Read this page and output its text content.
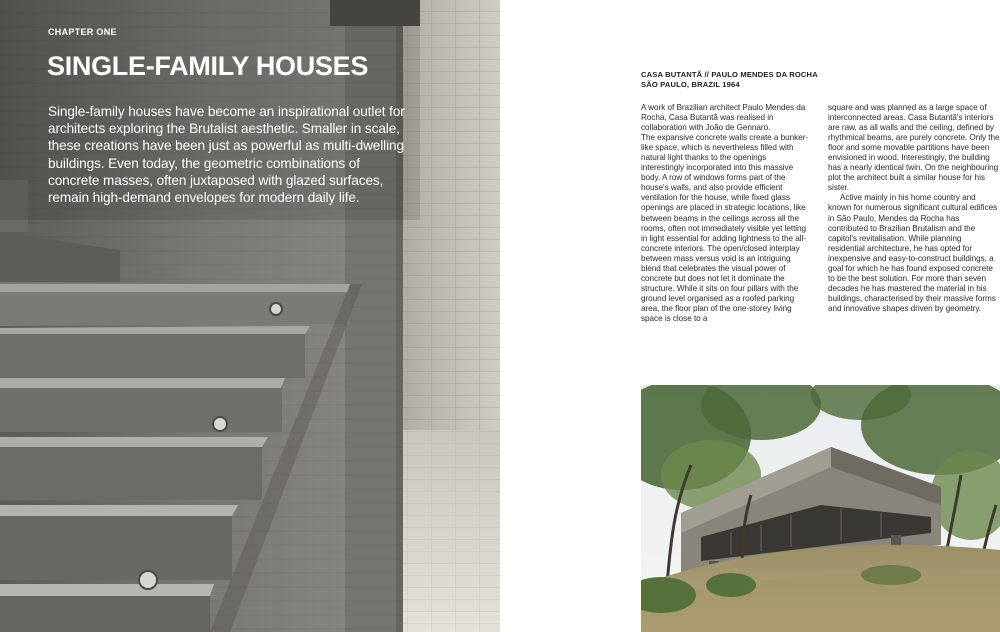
CHAPTER ONE
SINGLE-FAMILY HOUSES

Single-family houses have become an inspirational outlet for architects exploring the Brutalist aesthetic. Smaller in scale, these creations have been just as powerful as multi-dwelling buildings. Even today, the geometric combinations of concrete masses, often juxtaposed with glazed surfaces, remain high-demand envelopes for modern daily life.

CASA BUTANTÃ // PAULO MENDES DA ROCHA
SÃO PAULO, BRAZIL 1964

A work of Brazilian architect Paulo Mendes da Rocha, Casa Butantã was realised in collaboration with João de Gennaro.

The expansive concrete walls create a bunker-like space, which is nevertheless filled with natural light thanks to the openings interestingly incorporated into this massive body. A row of windows forms part of the house's walls, and also provide efficient ventilation for the house, while fixed glass openings are placed in strategic locations, like between beams in the ceilings across all the rooms, often not immediately visible yet letting in light essential for adding lightness to the all-concrete interiors. The open/closed interplay between mass versus void is an intriguing blend that celebrates the visual power of concrete but does not let it dominate the structure. While it sits on four pillars with the ground level organised as a roofed parking area, the floor plan of the one-storey living space is close to a

square and was planned as a large space of interconnected areas. Casa Butantã's interiors are raw, as all walls and the ceiling, defined by rhythmical beams, are purely concrete. Only the floor and some movable partitions have been envisioned in wood. Interestingly, the building has a nearly identical twin. On the neighbouring plot the architect built a similar house for his sister.

Active mainly in his home country and known for numerous significant cultural edifices in São Paulo, Mendes da Rocha has contributed to Brazilian Brutalism and the capitol's revitalisation. While planning residential architecture, he has opted for inexpensive and easy-to-construct buildings, a goal for which he has found exposed concrete to be the best solution. For more than seven decades he has mastered the material in his buildings, characterised by their massive forms and innovative shapes driven by geometry.
